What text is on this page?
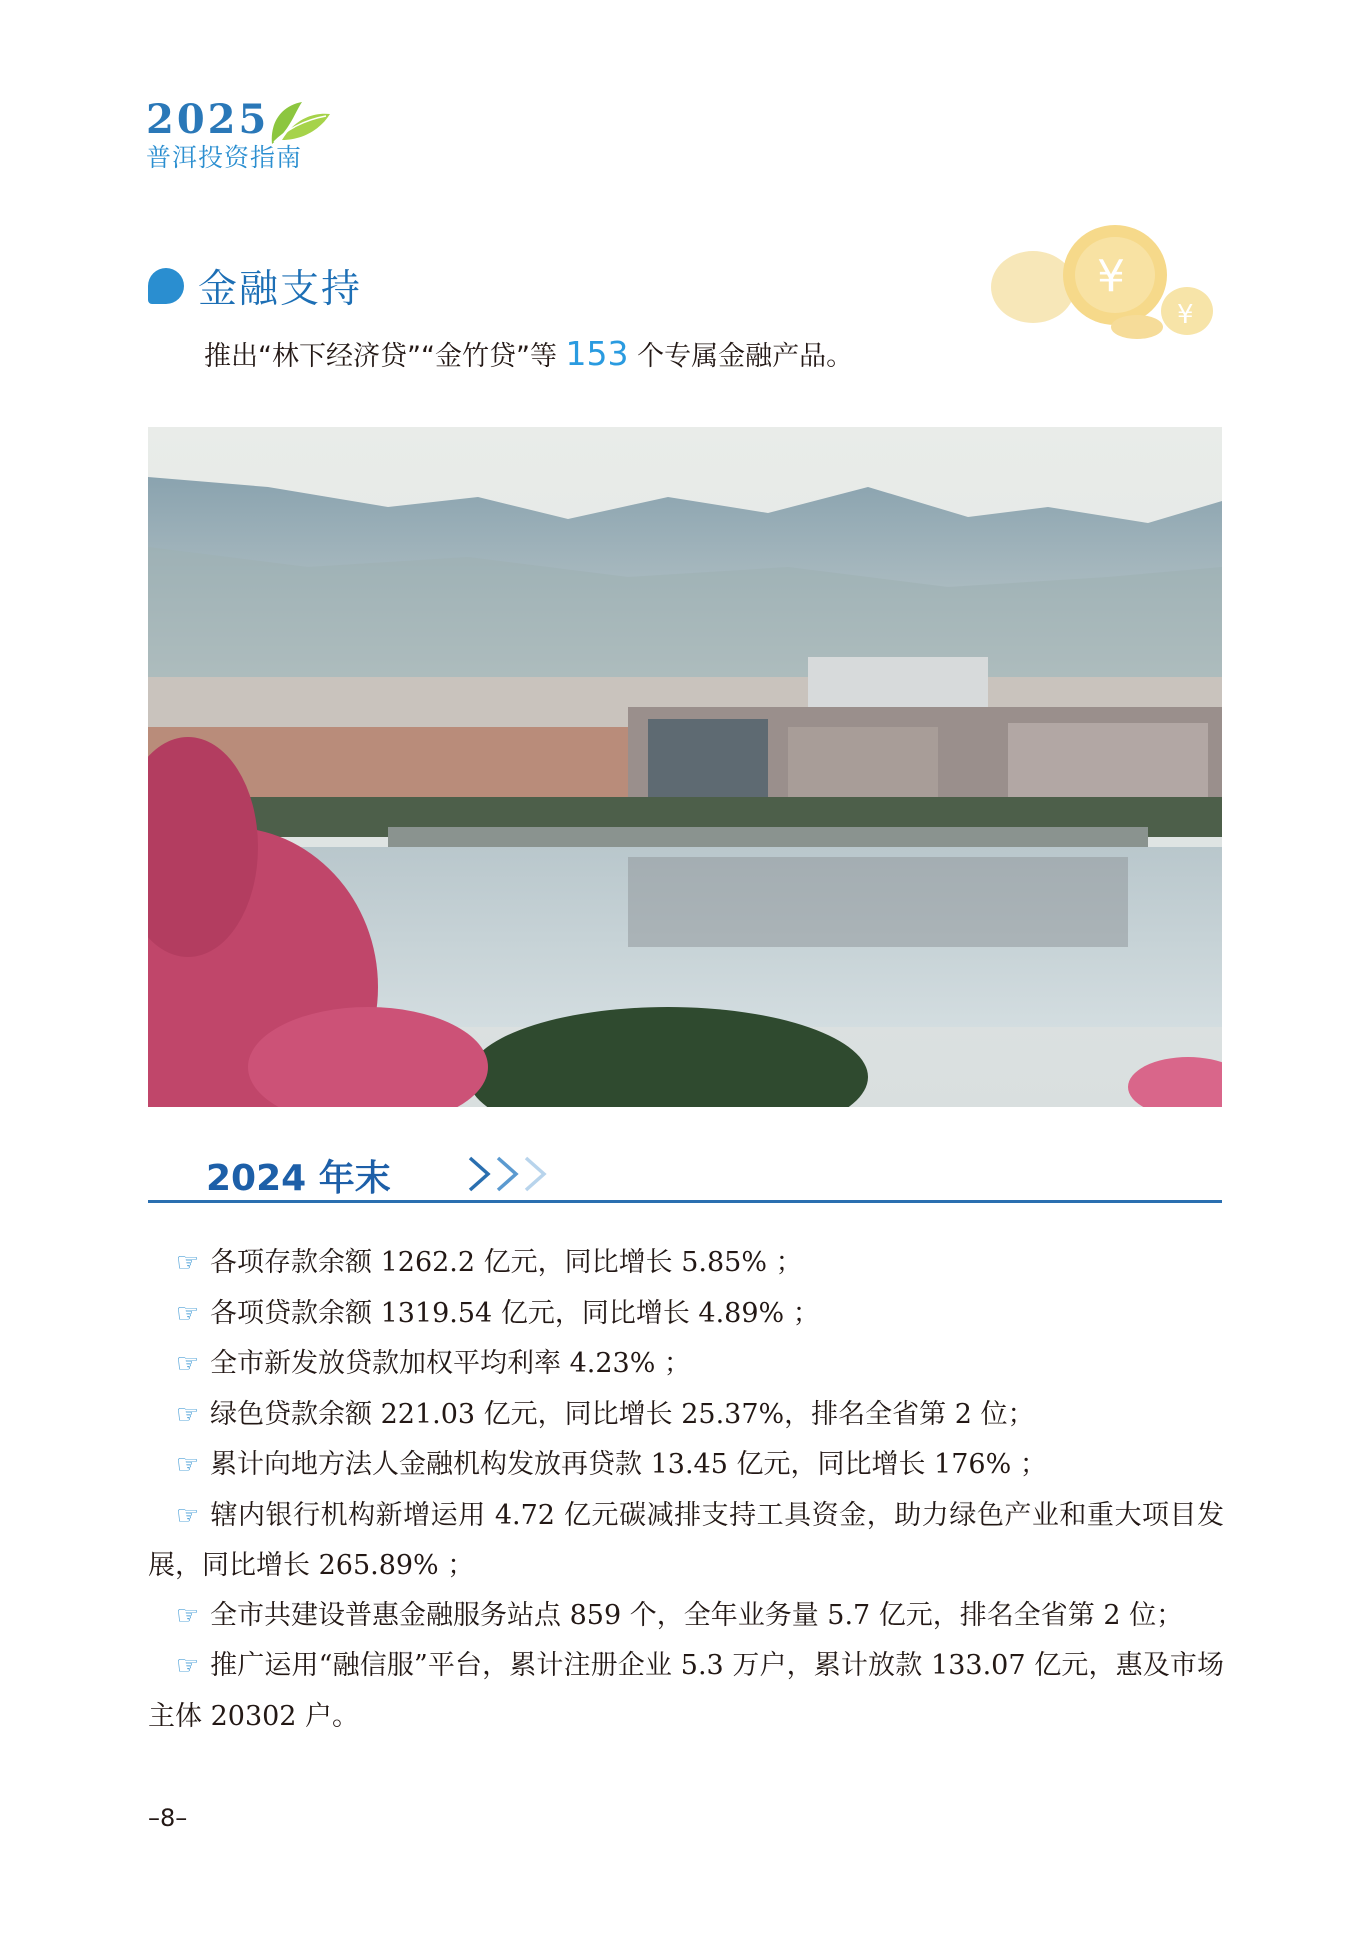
2025
普洱投资指南
¥
¥
金融支持
推出“林下经济贷”“金竹贷”等 153 个专属金融产品。
2024 年末
☞ 各项存款余额 1262.2 亿元，同比增长 5.85% ；
☞ 各项贷款余额 1319.54 亿元，同比增长 4.89% ；
☞ 全市新发放贷款加权平均利率 4.23% ；
☞ 绿色贷款余额 221.03 亿元，同比增长 25.37%，排名全省第 2 位；
☞ 累计向地方法人金融机构发放再贷款 13.45 亿元，同比增长 176% ；
☞ 辖内银行机构新增运用 4.72 亿元碳减排支持工具资金，助力绿色产业和重大项目发展，同比增长 265.89% ；
☞ 全市共建设普惠金融服务站点 859 个，全年业务量 5.7 亿元，排名全省第 2 位；
☞ 推广运用“融信服”平台，累计注册企业 5.3 万户，累计放款 133.07 亿元，惠及市场主体 20302 户。
–8–
